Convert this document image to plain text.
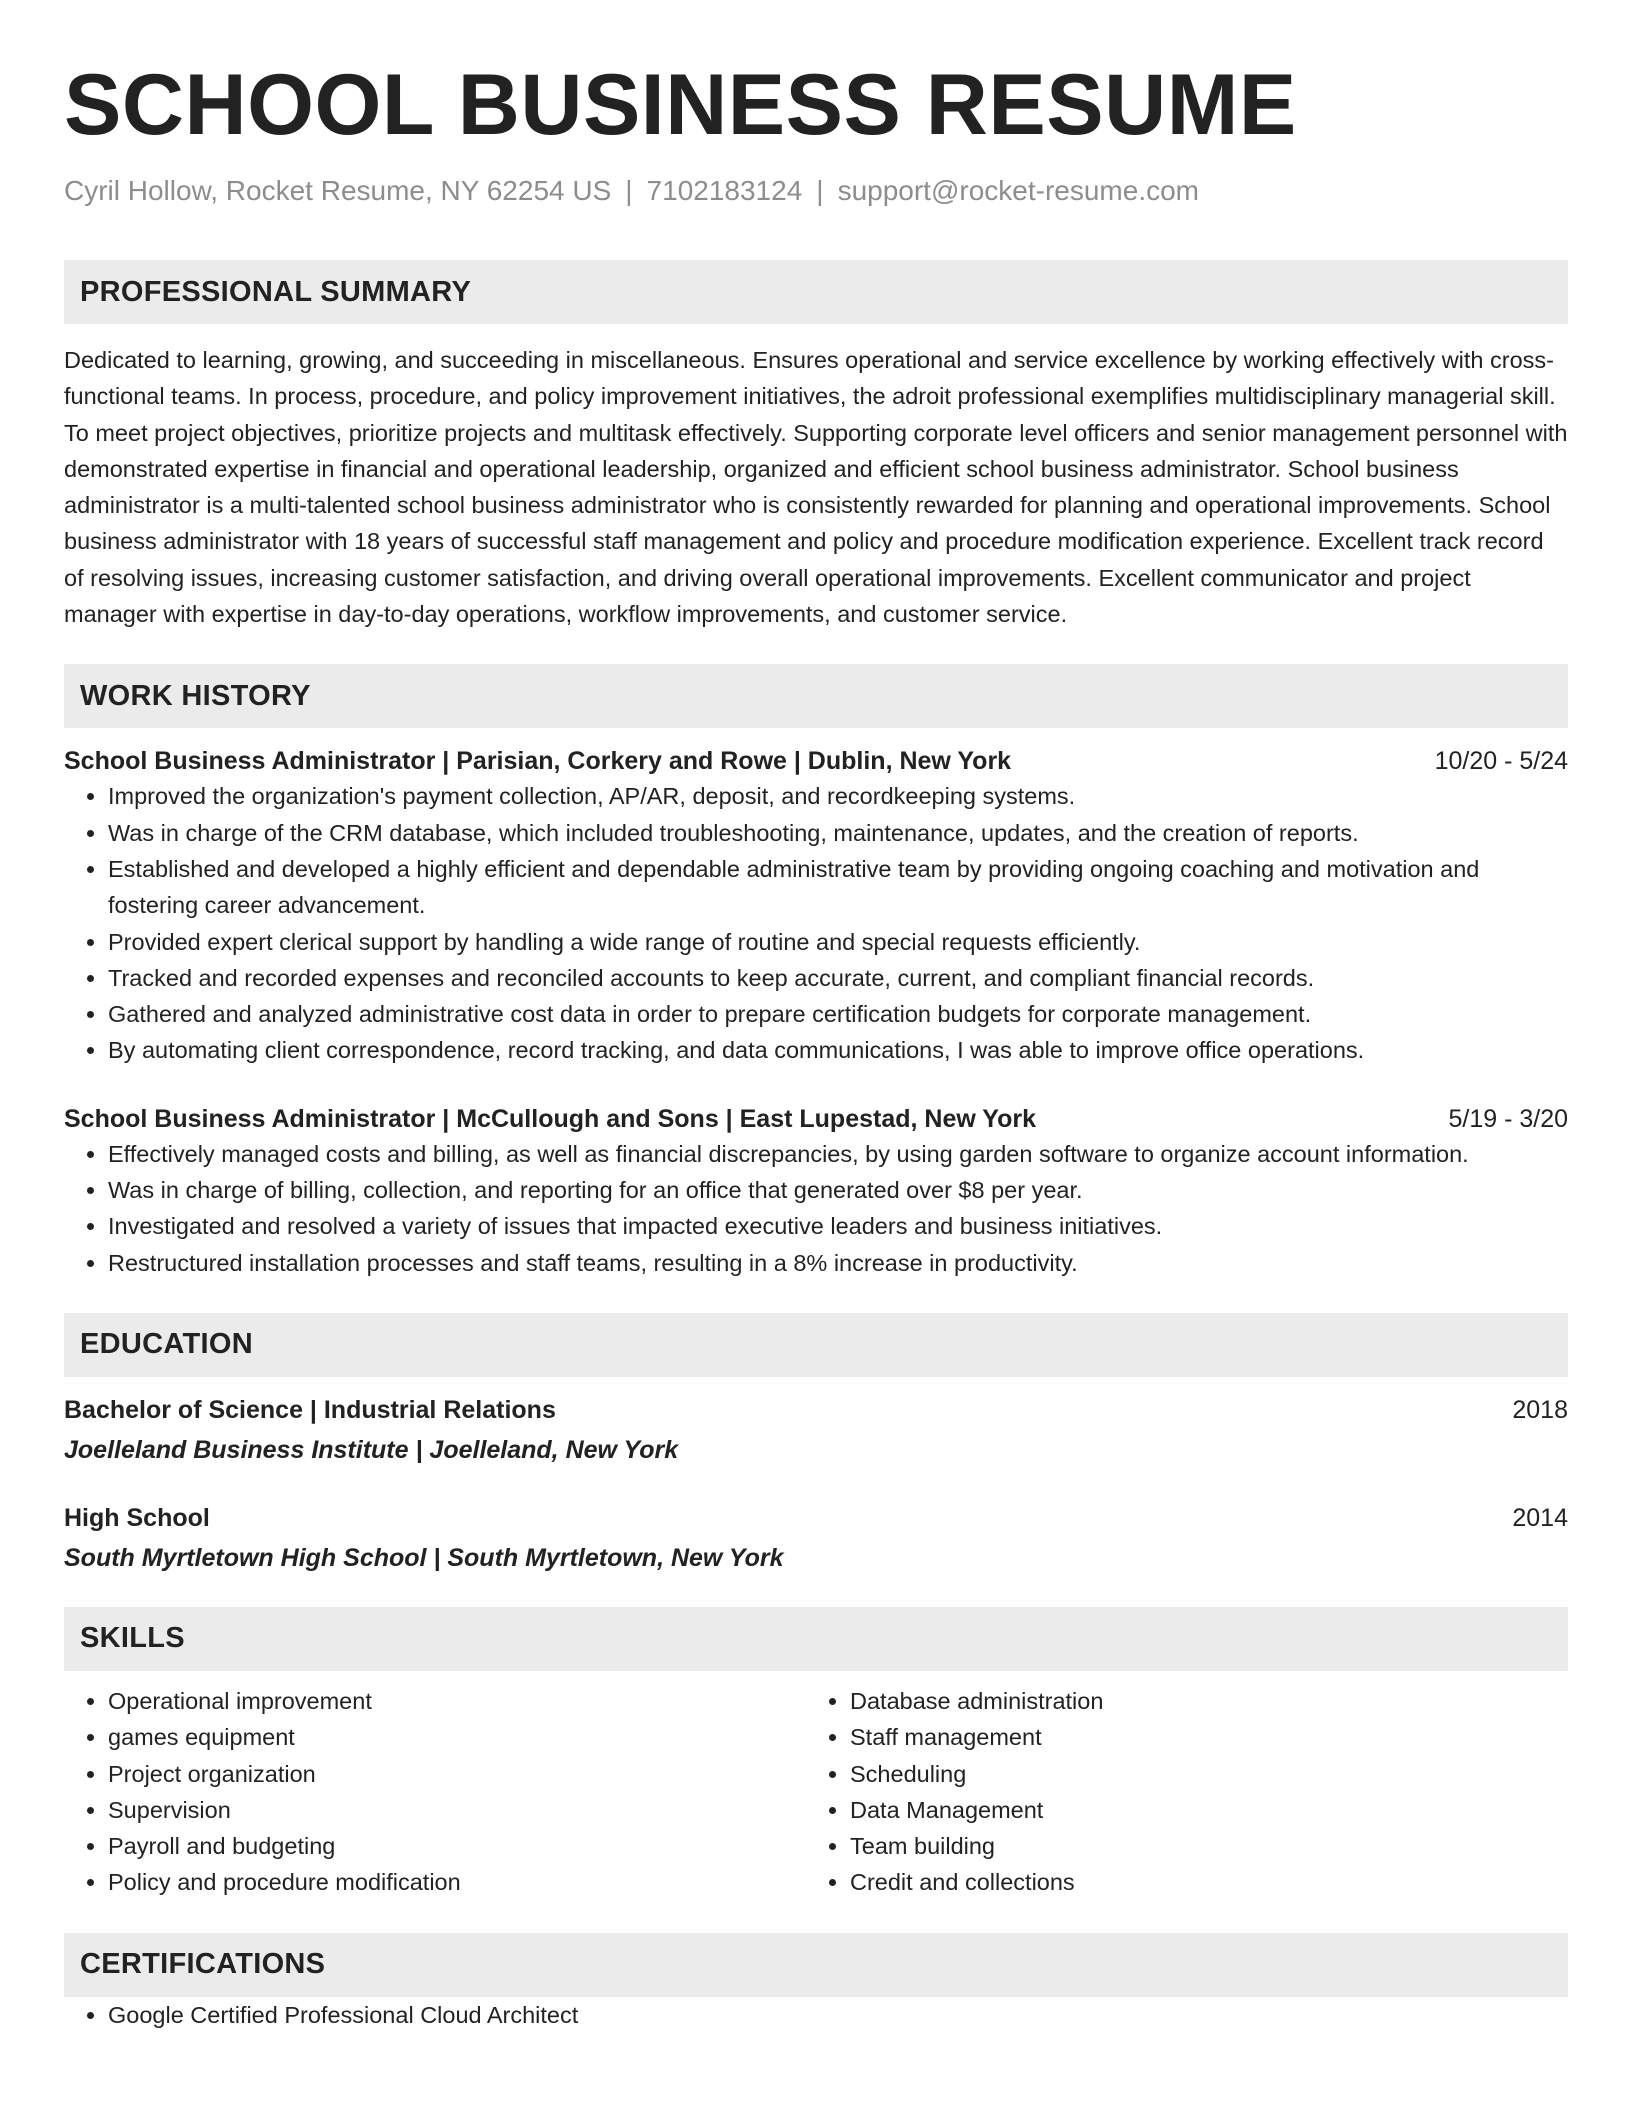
SCHOOL BUSINESS RESUME
Cyril Hollow, Rocket Resume, NY 62254 US | 7102183124 | support@rocket-resume.com
PROFESSIONAL SUMMARY
Dedicated to learning, growing, and succeeding in miscellaneous. Ensures operational and service excellence by working effectively with cross-functional teams. In process, procedure, and policy improvement initiatives, the adroit professional exemplifies multidisciplinary managerial skill. To meet project objectives, prioritize projects and multitask effectively. Supporting corporate level officers and senior management personnel with demonstrated expertise in financial and operational leadership, organized and efficient school business administrator. School business administrator is a multi-talented school business administrator who is consistently rewarded for planning and operational improvements. School business administrator with 18 years of successful staff management and policy and procedure modification experience. Excellent track record of resolving issues, increasing customer satisfaction, and driving overall operational improvements. Excellent communicator and project manager with expertise in day-to-day operations, workflow improvements, and customer service.
WORK HISTORY
School Business Administrator | Parisian, Corkery and Rowe | Dublin, New York	10/20 - 5/24
• Improved the organization's payment collection, AP/AR, deposit, and recordkeeping systems.
• Was in charge of the CRM database, which included troubleshooting, maintenance, updates, and the creation of reports.
• Established and developed a highly efficient and dependable administrative team by providing ongoing coaching and motivation and fostering career advancement.
• Provided expert clerical support by handling a wide range of routine and special requests efficiently.
• Tracked and recorded expenses and reconciled accounts to keep accurate, current, and compliant financial records.
• Gathered and analyzed administrative cost data in order to prepare certification budgets for corporate management.
• By automating client correspondence, record tracking, and data communications, I was able to improve office operations.
School Business Administrator | McCullough and Sons | East Lupestad, New York	5/19 - 3/20
• Effectively managed costs and billing, as well as financial discrepancies, by using garden software to organize account information.
• Was in charge of billing, collection, and reporting for an office that generated over $8 per year.
• Investigated and resolved a variety of issues that impacted executive leaders and business initiatives.
• Restructured installation processes and staff teams, resulting in a 8% increase in productivity.
EDUCATION
Bachelor of Science | Industrial Relations	2018
Joelleland Business Institute | Joelleland, New York
High School	2014
South Myrtletown High School | South Myrtletown, New York
SKILLS
• Operational improvement
• games equipment
• Project organization
• Supervision
• Payroll and budgeting
• Policy and procedure modification
• Database administration
• Staff management
• Scheduling
• Data Management
• Team building
• Credit and collections
CERTIFICATIONS
• Google Certified Professional Cloud Architect
